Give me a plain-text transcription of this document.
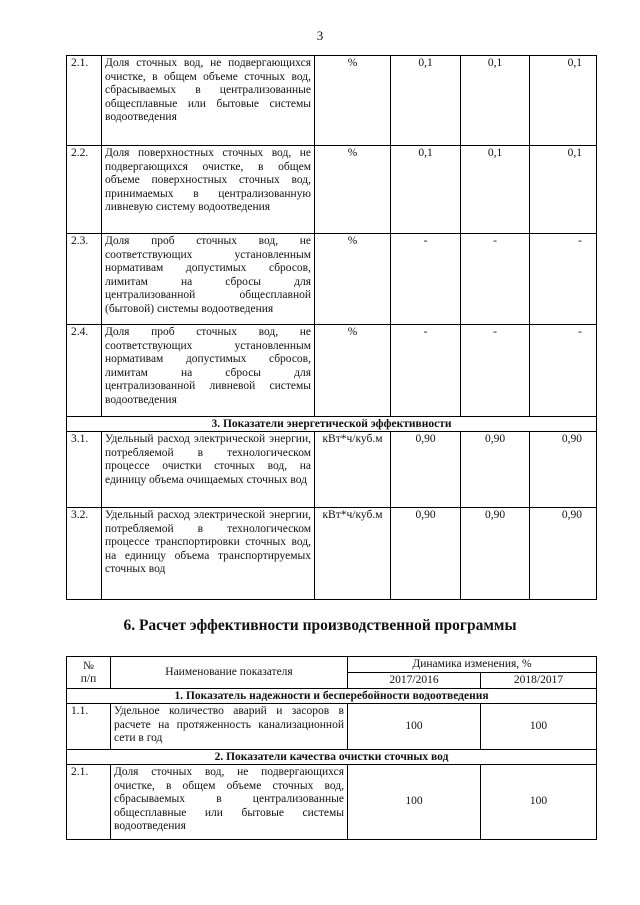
3
2.1.	Доля сточных вод, не подвергающихся очистке, в общем объеме сточных вод, сбрасываемых в централизованные общесплавные или бытовые системы водоотведения	%	0,1	0,1	0,1
2.2.	Доля поверхностных сточных вод, не подвергающихся очистке, в общем объеме поверхностных сточных вод, принимаемых в централизованную ливневую систему водоотведения	%	0,1	0,1	0,1
2.3.	Доля проб сточных вод, не соответствующих установленным нормативам допустимых сбросов, лимитам на сбросы для централизованной общесплавной (бытовой) системы водоотведения	%	-	-	-
2.4.	Доля проб сточных вод, не соответствующих установленным нормативам допустимых сбросов, лимитам на сбросы для централизованной ливневой системы водоотведения	%	-	-	-
3. Показатели энергетической эффективности					
3.1.	Удельный расход электрической энергии, потребляемой в технологическом процессе очистки сточных вод, на единицу объема очищаемых сточных вод	кВт*ч/куб.м	0,90	0,90	0,90
3.2.	Удельный расход электрической энергии, потребляемой в технологическом процессе транспортировки сточных вод, на единицу объема транспортируемых сточных вод	кВт*ч/куб.м	0,90	0,90	0,90
6. Расчет эффективности производственной программы
№ п/п	Наименование показателя	Динамика изменения, %	
		2017/2016	2018/2017
1. Показатель надежности и бесперебойности водоотведения			
1.1.	Удельное количество аварий и засоров в расчете на протяженность канализационной сети в год	100	100
2. Показатели качества очистки сточных вод			
2.1.	Доля сточных вод, не подвергающихся очистке, в общем объеме сточных вод, сбрасываемых в централизованные общесплавные или бытовые системы водоотведения	100	100
